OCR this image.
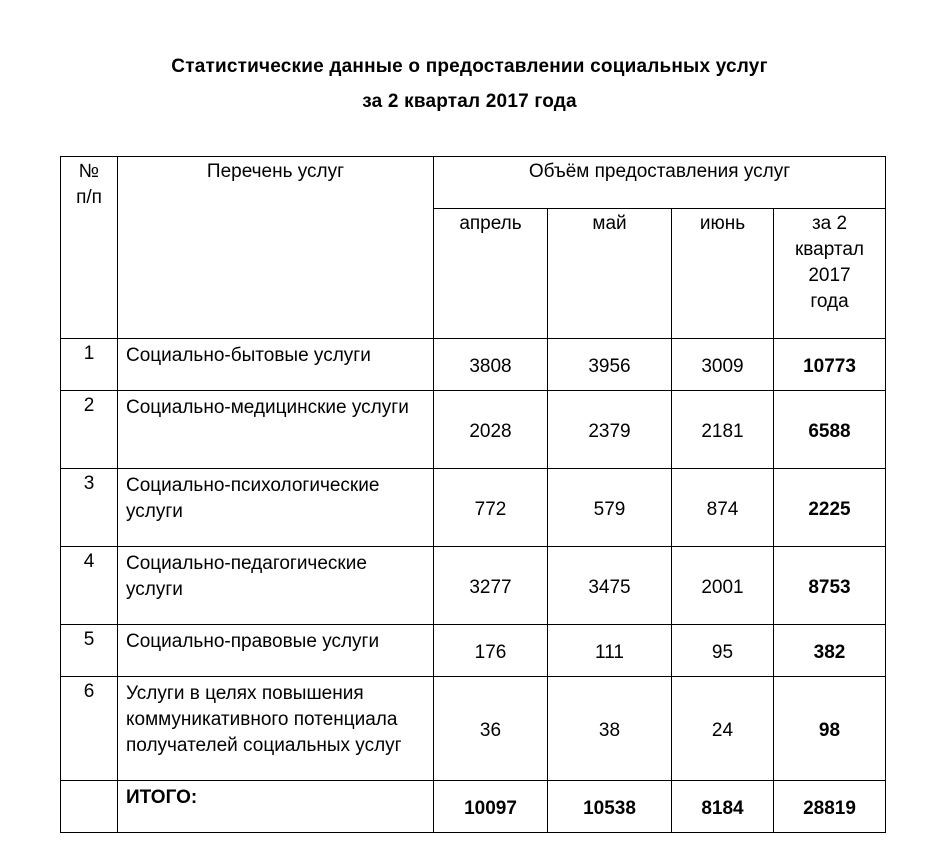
Статистические данные о предоставлении социальных услуг
за 2 квартал 2017 года
№ п/п	Перечень услуг	Объём предоставления услуг			
		апрель	май	июнь	за 2 квартал 2017 года

1	Социально-бытовые услуги	3808	3956	3009	10773
2	Социально-медицинские услуги	2028	2379	2181	6588
3	Социально-психологические услуги	772	579	874	2225
4	Социально-педагогические услуги	3277	3475	2001	8753
5	Социально-правовые услуги	176	111	95	382
6	Услуги в целях повышения коммуникативного потенциала получателей социальных услуг	36	38	24	98
	ИТОГО:	10097	10538	8184	28819
